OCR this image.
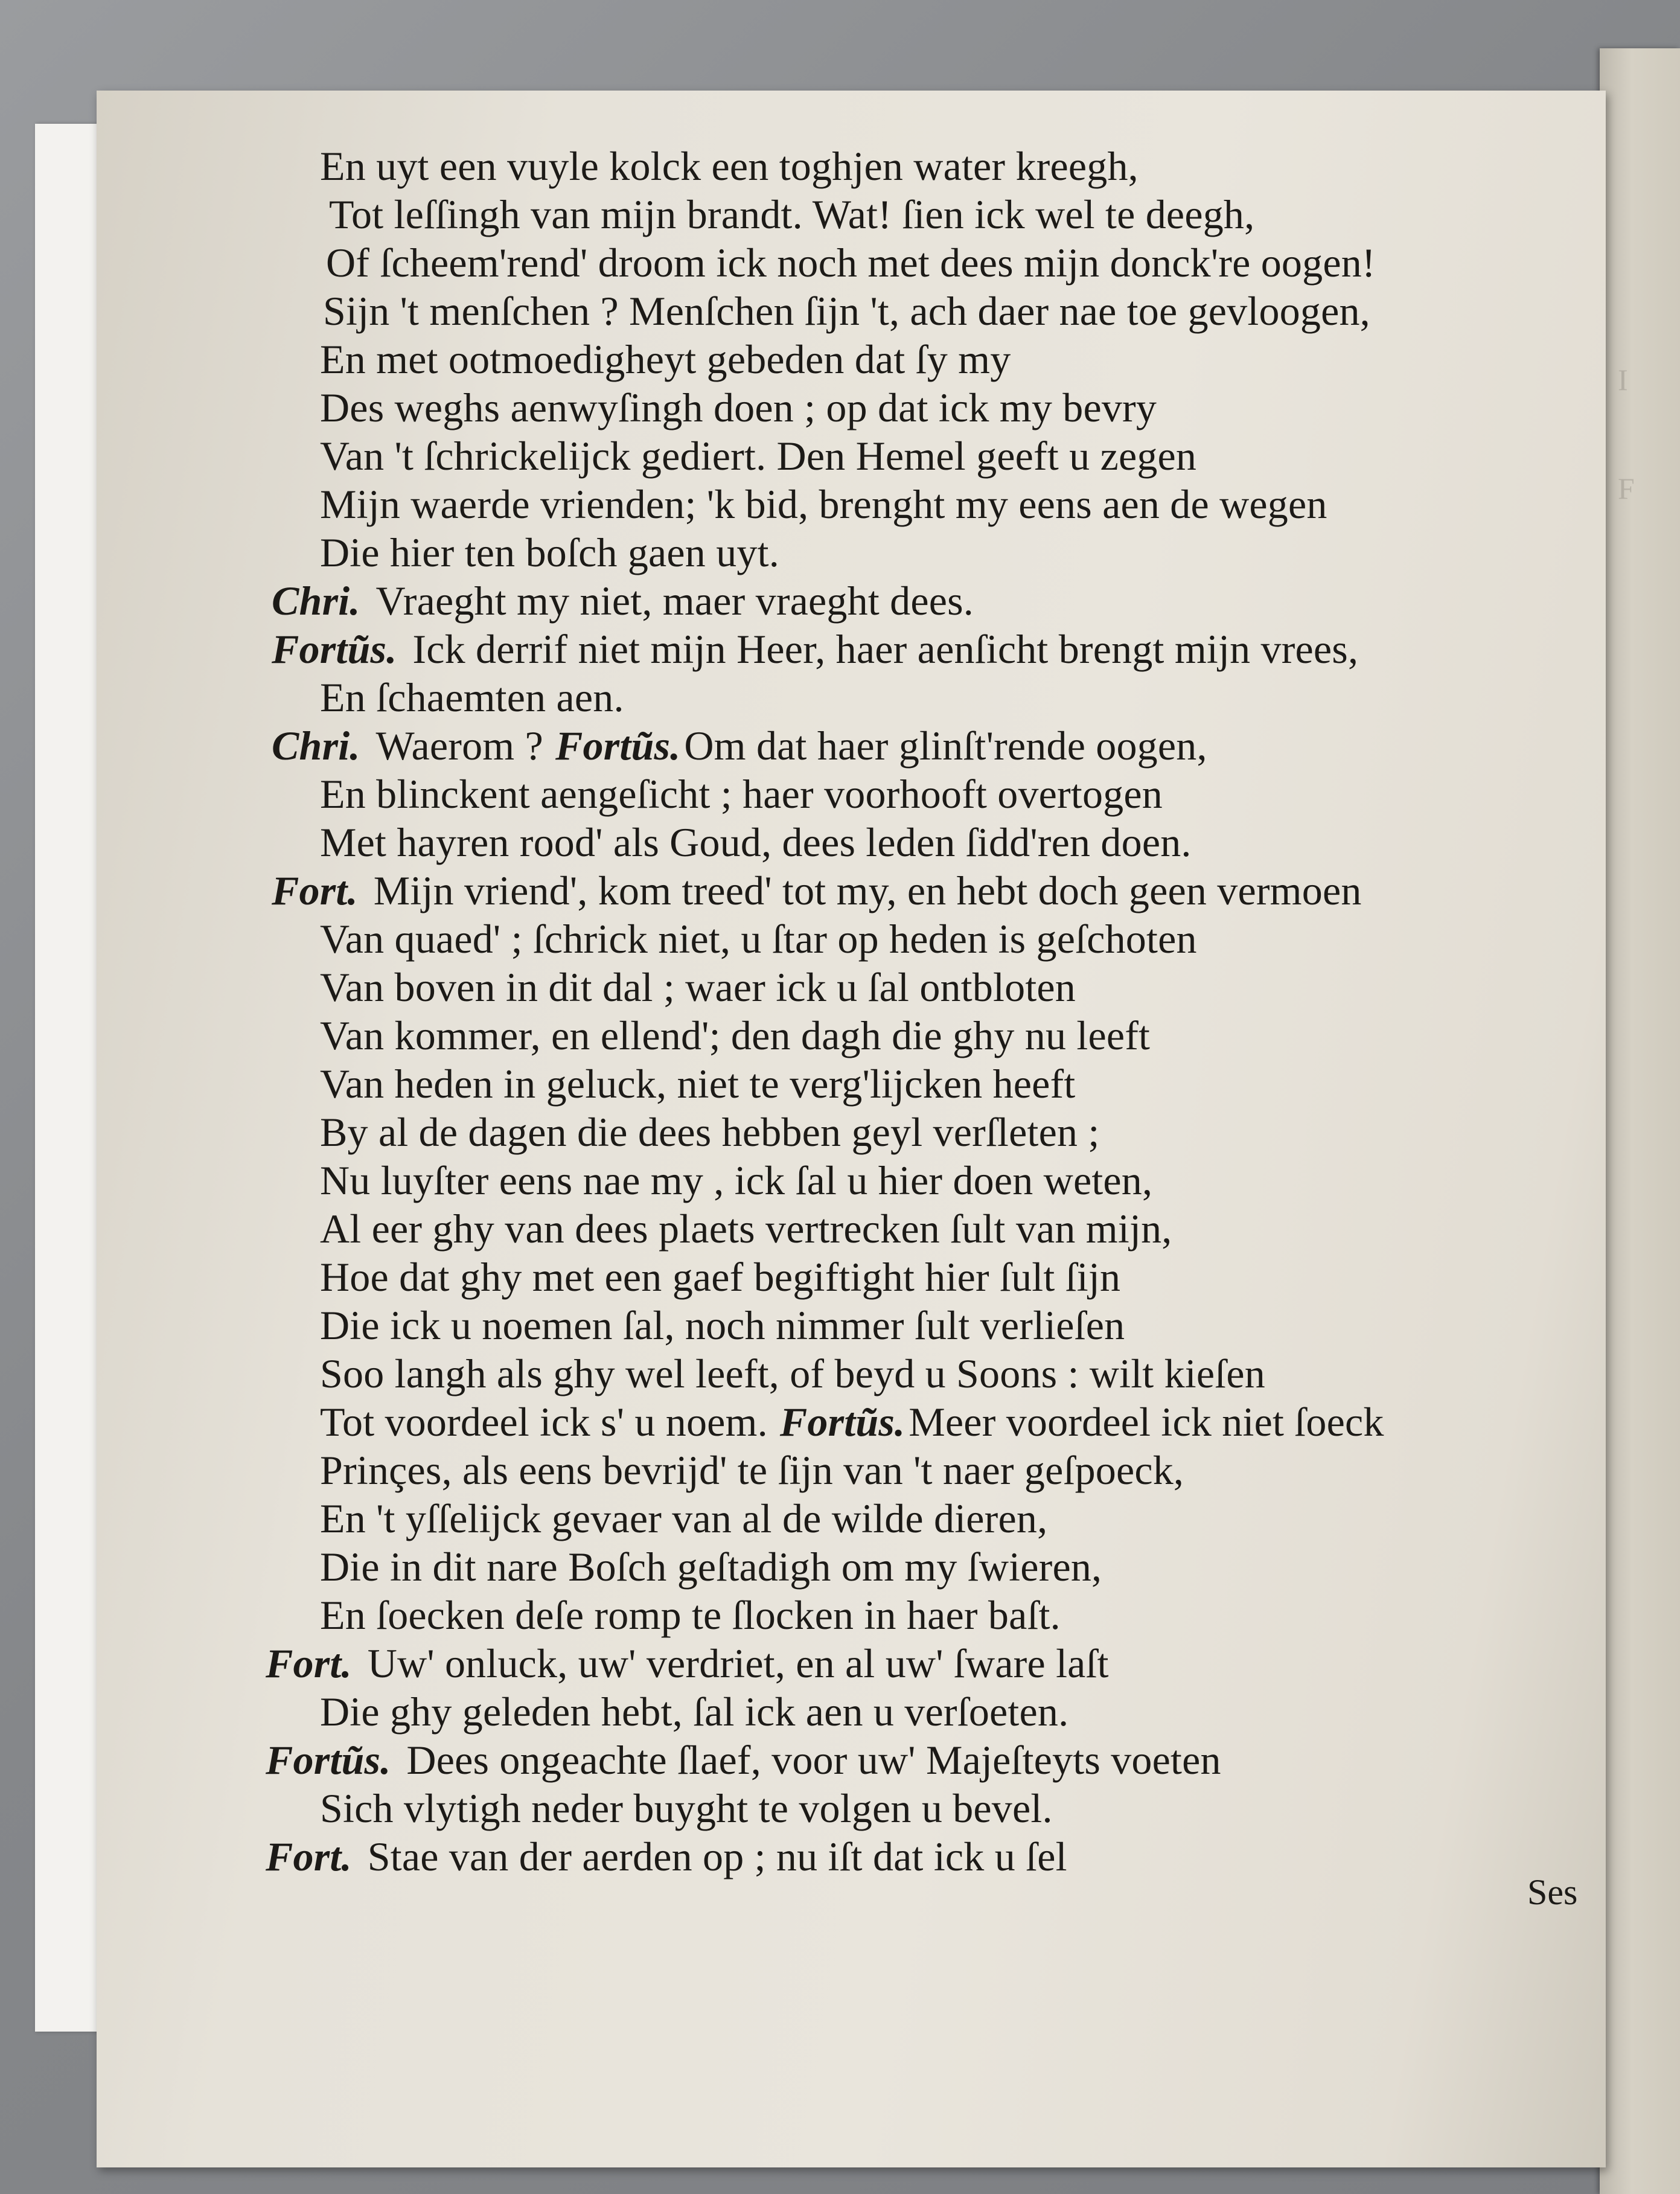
I
F
En uyt een vuyle kolck een toghjen water kreegh,
Tot leſſingh van mijn brandt. Wat! ſien ick wel te deegh,
Of ſcheem'rend' droom ick noch met dees mijn donck're oogen!
Sijn 't menſchen ? Menſchen ſijn 't, ach daer nae toe gevloogen,
En met ootmoedigheyt gebeden dat ſy my
Des weghs aenwyſingh doen ; op dat ick my bevry
Van 't ſchrickelijck gediert. Den Hemel geeft u zegen
Mijn waerde vrienden; 'k bid, brenght my eens aen de wegen
Die hier ten boſch gaen uyt.
Chri. Vraeght my niet, maer vraeght dees.
Fortũs. Ick derrif niet mijn Heer, haer aenſicht brengt mijn vrees,
En ſchaemten aen.
Chri. Waerom ? Fortũs.Om dat haer glinſt'rende oogen,
En blinckent aengeſicht ; haer voorhooft overtogen
Met hayren rood' als Goud, dees leden ſidd'ren doen.
Fort. Mijn vriend', kom treed' tot my, en hebt doch geen vermoen
Van quaed' ; ſchrick niet, u ſtar op heden is geſchoten
Van boven in dit dal ; waer ick u ſal ontbloten
Van kommer, en ellend'; den dagh die ghy nu leeft
Van heden in geluck, niet te verg'lijcken heeft
By al de dagen die dees hebben geyl verſleten ;
Nu luyſter eens nae my , ick ſal u hier doen weten,
Al eer ghy van dees plaets vertrecken ſult van mijn,
Hoe dat ghy met een gaef begiftight hier ſult ſijn
Die ick u noemen ſal, noch nimmer ſult verlieſen
Soo langh als ghy wel leeft, of beyd u Soons : wilt kieſen
Tot voordeel ick s' u noem. Fortũs.Meer voordeel ick niet ſoeck
Prinçes, als eens bevrijd' te ſijn van 't naer geſpoeck,
En 't yſſelijck gevaer van al de wilde dieren,
Die in dit nare Boſch geſtadigh om my ſwieren,
En ſoecken deſe romp te ſlocken in haer baſt.
Fort. Uw' onluck, uw' verdriet, en al uw' ſware laſt
Die ghy geleden hebt, ſal ick aen u verſoeten.
Fortũs. Dees ongeachte ſlaef, voor uw' Majeſteyts voeten
Sich vlytigh neder buyght te volgen u bevel.
Fort. Stae van der aerden op ; nu iſt dat ick u ſel
Ses
